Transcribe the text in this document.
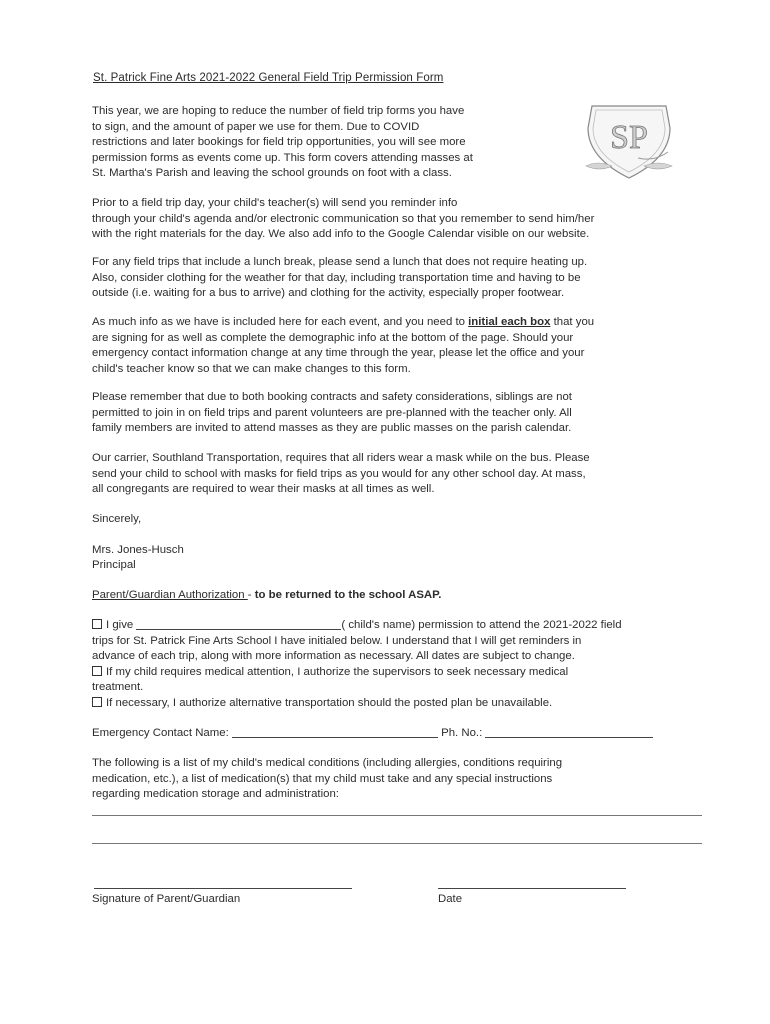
St. Patrick Fine Arts 2021-2022 General Field Trip Permission Form
SP
This year, we are hoping to reduce the number of field trip forms you have
to sign, and the amount of paper we use for them. Due to COVID
restrictions and later bookings for field trip opportunities, you will see more
permission forms as events come up. This form covers attending masses at
St. Martha's Parish and leaving the school grounds on foot with a class.
Prior to a field trip day, your child's teacher(s) will send you reminder info
through your child's agenda and/or electronic communication so that you remember to send him/her
with the right materials for the day. We also add info to the Google Calendar visible on our website.
For any field trips that include a lunch break, please send a lunch that does not require heating up.
Also, consider clothing for the weather for that day, including transportation time and having to be
outside (i.e. waiting for a bus to arrive) and clothing for the activity, especially proper footwear.
As much info as we have is included here for each event, and you need to initial each box that you
are signing for as well as complete the demographic info at the bottom of the page. Should your
emergency contact information change at any time through the year, please let the office and your
child's teacher know so that we can make changes to this form.
Please remember that due to both booking contracts and safety considerations, siblings are not
permitted to join in on field trips and parent volunteers are pre-planned with the teacher only. All
family members are invited to attend masses as they are public masses on the parish calendar.
Our carrier, Southland Transportation, requires that all riders wear a mask while on the bus. Please
send your child to school with masks for field trips as you would for any other school day. At mass,
all congregants are required to wear their masks at all times as well.
Sincerely,
Mrs. Jones-Husch
Principal
Parent/Guardian Authorization - to be returned to the school ASAP.
I give	( child's name) permission to attend the 2021-2022 field
trips for St. Patrick Fine Arts School I have initialed below. I understand that I will get reminders in
advance of each trip, along with more information as necessary. All dates are subject to change.
If my child requires medical attention, I authorize the supervisors to seek necessary medical
treatment.
If necessary, I authorize alternative transportation should the posted plan be unavailable.
Emergency Contact Name:	Ph. No.:
The following is a list of my child's medical conditions (including allergies, conditions requiring
medication, etc.), a list of medication(s) that my child must take and any special instructions
regarding medication storage and administration:
Signature of Parent/Guardian	Date
